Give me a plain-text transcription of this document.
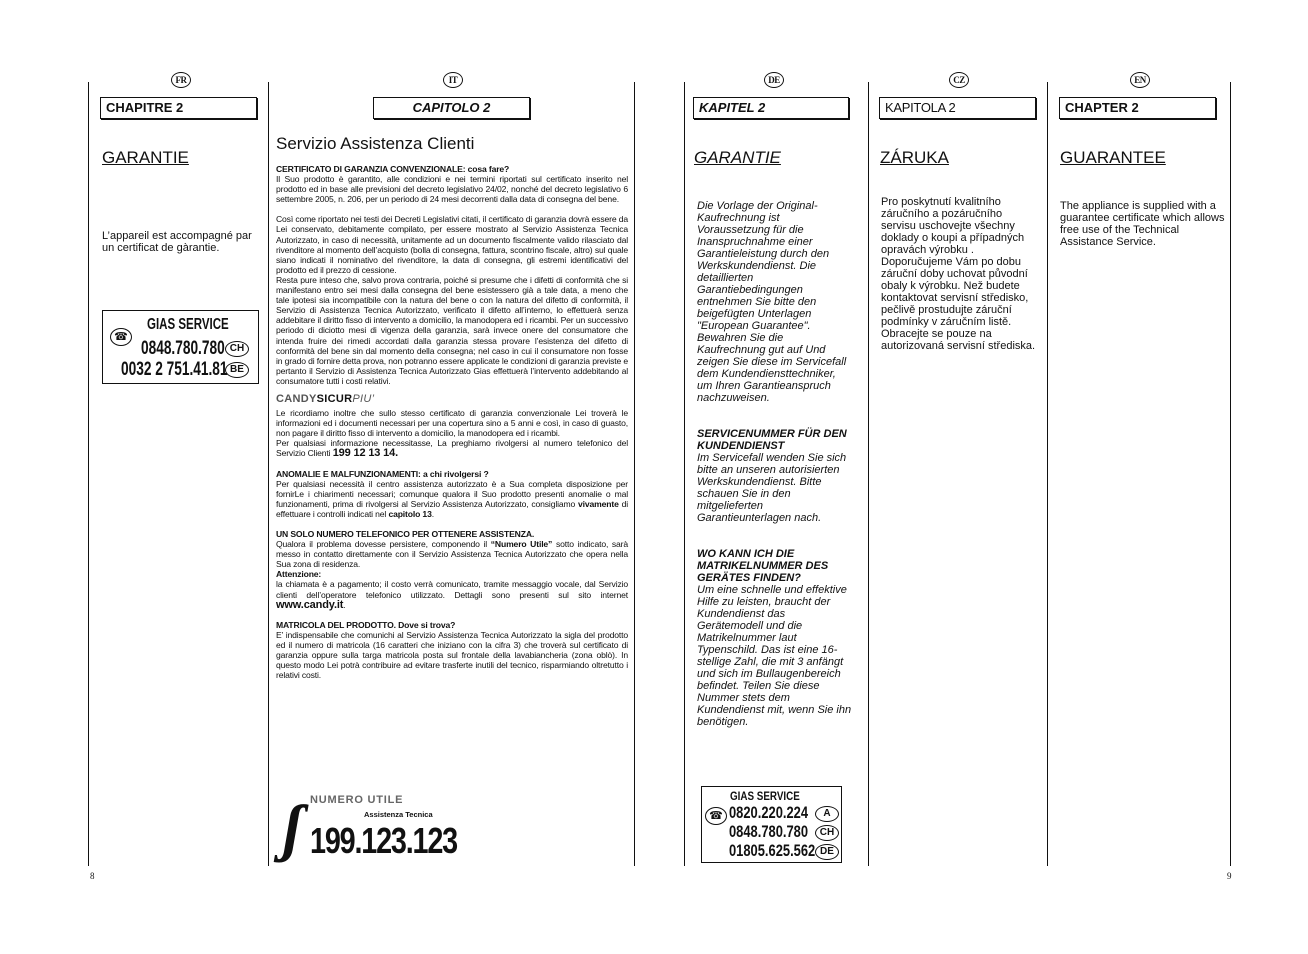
FR	IT	DE	CZ	EN
CHAPITRE 2	CAPITOLO 2	KAPITEL 2	KAPITOLA 2	CHAPTER 2
GARANTIE
L’appareil est accompagné par un certificat de gàrantie.
☎
GIAS SERVICE
0848.780.780 CH
0032 2 751.41.81 BE
Servizio Assistenza Clienti
CERTIFICATO DI GARANZIA CONVENZIONALE: cosa fare?

Il Suo prodotto è garantito, alle condizioni e nei termini riportati sul certificato inserito nel prodotto ed in base alle previsioni del decreto legislativo 24/02, nonché del decreto legislativo 6 settembre 2005, n. 206, per un periodo di 24 mesi decorrenti dalla data di consegna del bene.

Così come riportato nei testi dei Decreti Legislativi citati, il certificato di garanzia dovrà essere da Lei conservato, debitamente compilato, per essere mostrato al Servizio Assistenza Tecnica Autorizzato, in caso di necessità, unitamente ad un documento fiscalmente valido rilasciato dal rivenditore al momento dell’acquisto (bolla di consegna, fattura, scontrino fiscale, altro) sul quale siano indicati il nominativo del rivenditore, la data di consegna, gli estremi identificativi del prodotto ed il prezzo di cessione.

Resta pure inteso che, salvo prova contraria, poiché si presume che i difetti di conformità che si manifestano entro sei mesi dalla consegna del bene esistessero già a tale data, a meno che tale ipotesi sia incompatibile con la natura del bene o con la natura del difetto di conformità, il Servizio di Assistenza Tecnica Autorizzato, verificato il difetto all’interno, lo effettuerà senza addebitare il diritto fisso di intervento a domicilio, la manodopera ed i ricambi. Per un successivo periodo di diciotto mesi di vigenza della garanzia, sarà invece onere del consumatore che intenda fruire dei rimedi accordati dalla garanzia stessa provare l’esistenza del difetto di conformità del bene sin dal momento della consegna; nel caso in cui il consumatore non fosse in grado di fornire detta prova, non potranno essere applicate le condizioni di garanzia previste e pertanto il Servizio di Assistenza Tecnica Autorizzato Gias effettuerà l’intervento addebitando al consumatore tutti i costi relativi.

CANDYSICURPIU’

Le ricordiamo inoltre che sullo stesso certificato di garanzia convenzionale Lei troverà le informazioni ed i documenti necessari per una copertura sino a 5 anni e così, in caso di guasto, non pagare il diritto fisso di intervento a domicilio, la manodopera ed i ricambi.

Per qualsiasi informazione necessitasse, La preghiamo rivolgersi al numero telefonico del Servizio Clienti 199 12 13 14.

ANOMALIE E MALFUNZIONAMENTI: a chi rivolgersi ?

Per qualsiasi necessità il centro assistenza autorizzato è a Sua completa disposizione per fornirLe i chiarimenti necessari; comunque qualora il Suo prodotto presenti anomalie o mal funzionamenti, prima di rivolgersi al Servizio Assistenza Autorizzato, consigliamo vivamente di effettuare i controlli indicati nel capitolo 13.

UN SOLO NUMERO TELEFONICO PER OTTENERE ASSISTENZA.

Qualora il problema dovesse persistere, componendo il “Numero Utile” sotto indicato, sarà messo in contatto direttamente con il Servizio Assistenza Tecnica Autorizzato che opera nella Sua zona di residenza.

Attenzione:

la chiamata è a pagamento; il costo verrà comunicato, tramite messaggio vocale, dal Servizio clienti dell’operatore telefonico utilizzato. Dettagli sono presenti sul sito internet www.candy.it.

MATRICOLA DEL PRODOTTO. Dove si trova?

E’ indispensabile che comunichi al Servizio Assistenza Tecnica Autorizzato la sigla del prodotto ed il numero di matricola (16 caratteri che iniziano con la cifra 3) che troverà sul certificato di garanzia oppure sulla targa matricola posta sul frontale della lavabiancheria (zona oblò). In questo modo Lei potrà contribuire ad evitare trasferte inutili del tecnico, risparmiando oltretutto i relativi costi.

ʃ NUMERO UTILE
Assistenza Tecnica
199.123.123
GARANTIE

Die Vorlage der Original-Kaufrechnung ist Voraussetzung für die Inanspruchnahme einer Garantieleistung durch den Werkskundendienst. Die detaillierten Garantiebedingungen entnehmen Sie bitte den beigefügten Unterlagen "European Guarantee". Bewahren Sie die Kaufrechnung gut auf Und zeigen Sie diese im Servicefall dem Kundendiensttechniker, um Ihren Garantieanspruch nachzuweisen.

SERVICENUMMER FÜR DEN KUNDENDIENST

Im Servicefall wenden Sie sich bitte an unseren autorisierten Werkskundendienst. Bitte schauen Sie in den mitgelieferten Garantieunterlagen nach.

WO KANN ICH DIE MATRIKELNUMMER DES GERÄTES FINDEN?

Um eine schnelle und effektive Hilfe zu leisten, braucht der Kundendienst das Gerätemodell und die Matrikelnummer laut Typenschild. Das ist eine 16-stellige Zahl, die mit 3 anfängt und sich im Bullaugenbereich befindet. Teilen Sie diese Nummer stets dem Kundendienst mit, wenn Sie ihn benötigen.

☎
GIAS SERVICE
0820.220.224	A
0848.780.780	CH
01805.625.562 DE
ZÁRUKA
Pro poskytnutí kvalitního záručního a pozáručního servisu uschovejte všechny doklady o koupi a případných opravách výrobku . Doporučujeme Vám po dobu záruční doby uchovat původní obaly k výrobku. Než budete kontaktovat servisní středisko, pečlivě prostudujte záruční podmínky v záručním listě. Obracejte se pouze na autorizovaná servisní střediska.
GUARANTEE
The appliance is supplied with a guarantee certificate which allows free use of the Technical Assistance Service.
8	9
